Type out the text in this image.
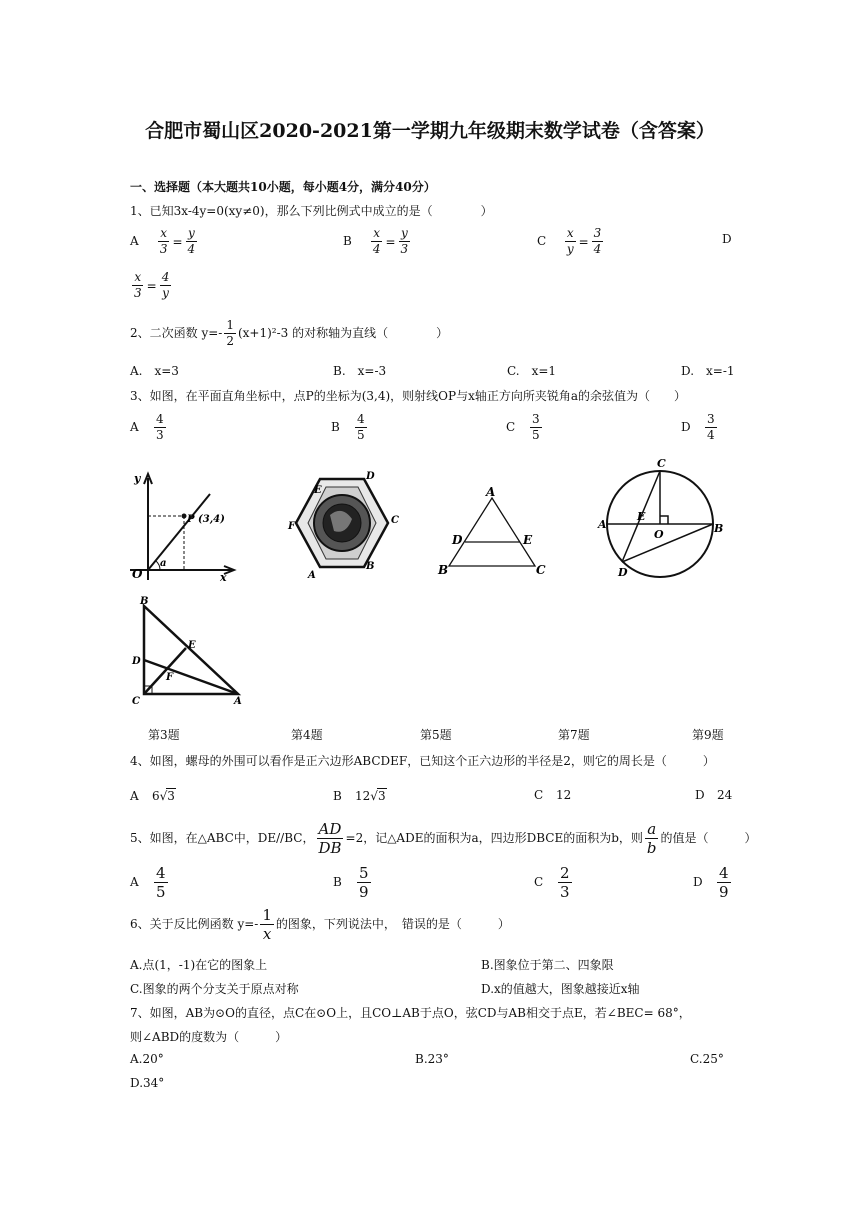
合肥市蜀山区2020-2021第一学期九年级期末数学试卷（含答案）
一、选择题（本大题共10小题，每小题4分，满分40分）
1、已知3x-4y=0(xy≠0)，那么下列比例式中成立的是（　　　　）
A $\frac{x}{3} = \frac{y}{4}$	B $\frac{x}{4} = \frac{y}{3}$	C $\frac{x}{y} = \frac{3}{4}$	D
$\frac{x}{3} = \frac{4}{y}$
2、二次函数 $y=- \frac{1}{2} (x+1)^2-3$ 的对称轴为直线（　　　　）
A.　x=3	B.　x=-3	C.　x=1	D.　x=-1
3、如图，在平面直角坐标中，点P的坐标为(3,4)，则射线OP与x轴正方向所夹锐角a的余弦值为（　　）
A $\frac{4}{3}$	B $\frac{4}{5}$	C $\frac{3}{5}$	D $\frac{3}{4}$
y
O	x
P (3,4)
a
A
B
C
D
E
F
A
B	C
D	E
C
A	B
D
E
O
B
D
C	A
E
F
第3题	第4题	第5题	第7题	第9题
4、如图，螺母的外围可以看作是正六边形ABCDEF，已知这个正六边形的半径是2，则它的周长是（　　　）
A 6√3	B 12√3	C 12	D 24
5、如图，在△ABC中，DE//BC， $\frac{AD}{DB} =2$，记△ADE的面积为a，四边形DBCE的面积为b，则 $\frac{a}{b}$ 的值是（　　　）
A $\frac{4}{5}$	B $\frac{5}{9}$	C $\frac{2}{3}$	D $\frac{4}{9}$
6、关于反比例函数 $y=- \frac{1}{x}$ 的图象，下列说法中，　错误的是（　　　）
A.点(1，-1)在它的图象上	B.图象位于第二、四象限
C.图象的两个分支关于原点对称	D.x的值越大，图象越接近x轴
7、如图，AB为⊙O的直径，点C在⊙O上，且CO⊥AB于点O，弦CD与AB相交于点E，若∠BEC= 68°，
则∠ABD的度数为（　　　）
A.20°	B.23°	C.25°
D.34°
